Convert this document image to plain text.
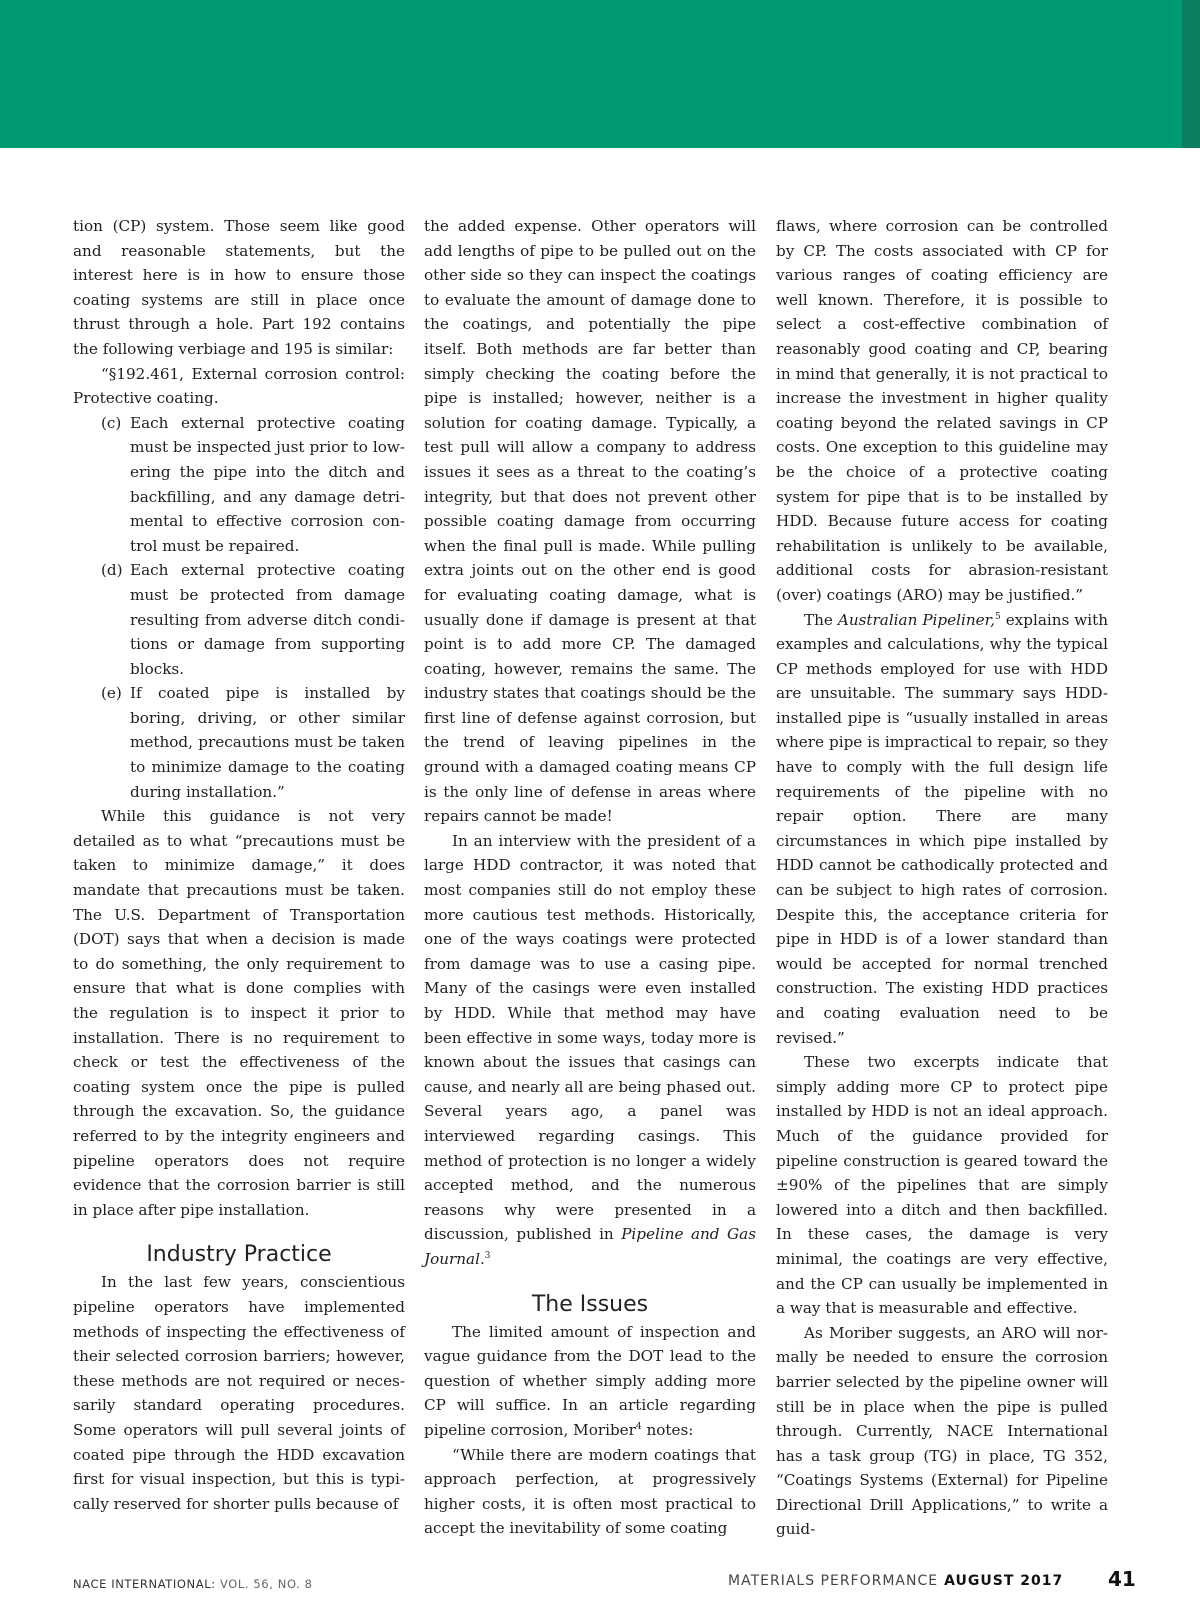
tion (CP) system. Those seem like good and reasonable statements, but the interest here is in how to ensure those coating systems are still in place once thrust through a hole. Part 192 contains the following verbiage and 195 is similar:

“§192.461, External corrosion control: Protective coating.

(c) Each external protective coating must be inspected just prior to lowering the pipe into the ditch and backfilling, and any damage detrimental to effective corrosion control must be repaired.
(d) Each external protective coating must be protected from damage resulting from adverse ditch conditions or damage from supporting blocks.
(e) If coated pipe is installed by boring, driving, or other similar method, precautions must be taken to minimize damage to the coating during installation.”

While this guidance is not very detailed as to what “precautions must be taken to minimize damage,” it does mandate that precautions must be taken. The U.S. Department of Transportation (DOT) says that when a decision is made to do something, the only requirement to ensure that what is done complies with the regulation is to inspect it prior to installation. There is no requirement to check or test the effectiveness of the coating system once the pipe is pulled through the excavation. So, the guidance referred to by the integrity engineers and pipeline operators does not require evidence that the corrosion barrier is still in place after pipe installation.

Industry Practice

In the last few years, conscientious pipeline operators have implemented methods of inspecting the effectiveness of their selected corrosion barriers; however, these methods are not required or necessarily standard operating procedures. Some operators will pull several joints of coated pipe through the HDD excavation first for visual inspection, but this is typically reserved for shorter pulls because of

the added expense. Other operators will add lengths of pipe to be pulled out on the other side so they can inspect the coatings to evaluate the amount of damage done to the coatings, and potentially the pipe itself. Both methods are far better than simply checking the coating before the pipe is installed; however, neither is a solution for coating damage. Typically, a test pull will allow a company to address issues it sees as a threat to the coating’s integrity, but that does not prevent other possible coating damage from occurring when the final pull is made. While pulling extra joints out on the other end is good for evaluating coating damage, what is usually done if damage is present at that point is to add more CP. The damaged coating, however, remains the same. The industry states that coatings should be the first line of defense against corrosion, but the trend of leaving pipelines in the ground with a damaged coating means CP is the only line of defense in areas where repairs cannot be made!

In an interview with the president of a large HDD contractor, it was noted that most companies still do not employ these more cautious test methods. Historically, one of the ways coatings were protected from damage was to use a casing pipe. Many of the casings were even installed by HDD. While that method may have been effective in some ways, today more is known about the issues that casings can cause, and nearly all are being phased out. Several years ago, a panel was interviewed regarding casings. This method of protection is no longer a widely accepted method, and the numerous reasons why were presented in a discussion, published in Pipeline and Gas Journal.$^3$

The Issues

The limited amount of inspection and vague guidance from the DOT lead to the question of whether simply adding more CP will suffice. In an article regarding pipeline corrosion, Moriber$^4$ notes:

“While there are modern coatings that approach perfection, at progressively higher costs, it is often most practical to accept the inevitability of some coating

flaws, where corrosion can be controlled by CP. The costs associated with CP for various ranges of coating efficiency are well known. Therefore, it is possible to select a cost-effective combination of reasonably good coating and CP, bearing in mind that generally, it is not practical to increase the investment in higher quality coating beyond the related savings in CP costs. One exception to this guideline may be the choice of a protective coating system for pipe that is to be installed by HDD. Because future access for coating rehabilitation is unlikely to be available, additional costs for abrasion-resistant (over) coatings (ARO) may be justified.”

The Australian Pipeliner,$^5$ explains with examples and calculations, why the typical CP methods employed for use with HDD are unsuitable. The summary says HDD-installed pipe is “usually installed in areas where pipe is impractical to repair, so they have to comply with the full design life requirements of the pipeline with no repair option. There are many circumstances in which pipe installed by HDD cannot be cathodically protected and can be subject to high rates of corrosion. Despite this, the acceptance criteria for pipe in HDD is of a lower standard than would be accepted for normal trenched construction. The existing HDD practices and coating evaluation need to be revised.”

These two excerpts indicate that simply adding more CP to protect pipe installed by HDD is not an ideal approach. Much of the guidance provided for pipeline construction is geared toward the ±90% of the pipelines that are simply lowered into a ditch and then backfilled. In these cases, the damage is very minimal, the coatings are very effective, and the CP can usually be implemented in a way that is measurable and effective.

As Moriber suggests, an ARO will normally be needed to ensure the corrosion barrier selected by the pipeline owner will still be in place when the pipe is pulled through. Currently, NACE International has a task group (TG) in place, TG 352, “Coatings Systems (External) for Pipeline Directional Drill Applications,” to write a guid-

NACE INTERNATIONAL: VOL. 56, NO. 8	MATERIALS PERFORMANCE AUGUST 2017 41
